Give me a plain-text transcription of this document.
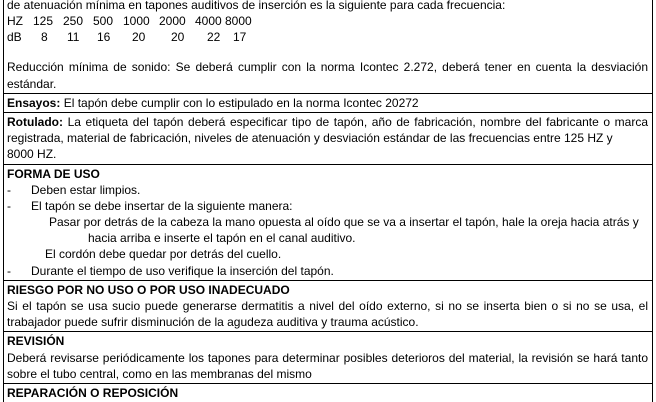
de atenuación mínima en tapones auditivos de inserción es la siguiente para cada frecuencia:
HZ 125 250 500 1000 2000 4000 8000
dB	8	11	16	20	20	22	17
Reducción mínima de sonido: Se deberá cumplir con la norma Icontec 2.272, deberá tener en cuenta la desviación estándar.
Ensayos: El tapón debe cumplir con lo estipulado en la norma Icontec 20272
Rotulado: La etiqueta del tapón deberá especificar tipo de tapón, año de fabricación, nombre del fabricante o marca registrada, material de fabricación, niveles de atenuación y desviación estándar de las frecuencias entre 125 HZ y
8000 HZ.
FORMA DE USO
-	Deben estar limpios.
-	El tapón se debe insertar de la siguiente manera:
Pasar por detrás de la cabeza la mano opuesta al oído que se va a insertar el tapón, hale la oreja hacia atrás y
hacia arriba e inserte el tapón en el canal auditivo.
El cordón debe quedar por detrás del cuello.
-	Durante el tiempo de uso verifique la inserción del tapón.
RIESGO POR NO USO O POR USO INADECUADO
Si el tapón se usa sucio puede generarse dermatitis a nivel del oído externo, si no se inserta bien o si no se usa, el trabajador puede sufrir disminución de la agudeza auditiva y trauma acústico.
REVISIÓN
Deberá revisarse periódicamente los tapones para determinar posibles deterioros del material, la revisión se hará tanto sobre el tubo central, como en las membranas del mismo
REPARACIÓN O REPOSICIÓN
